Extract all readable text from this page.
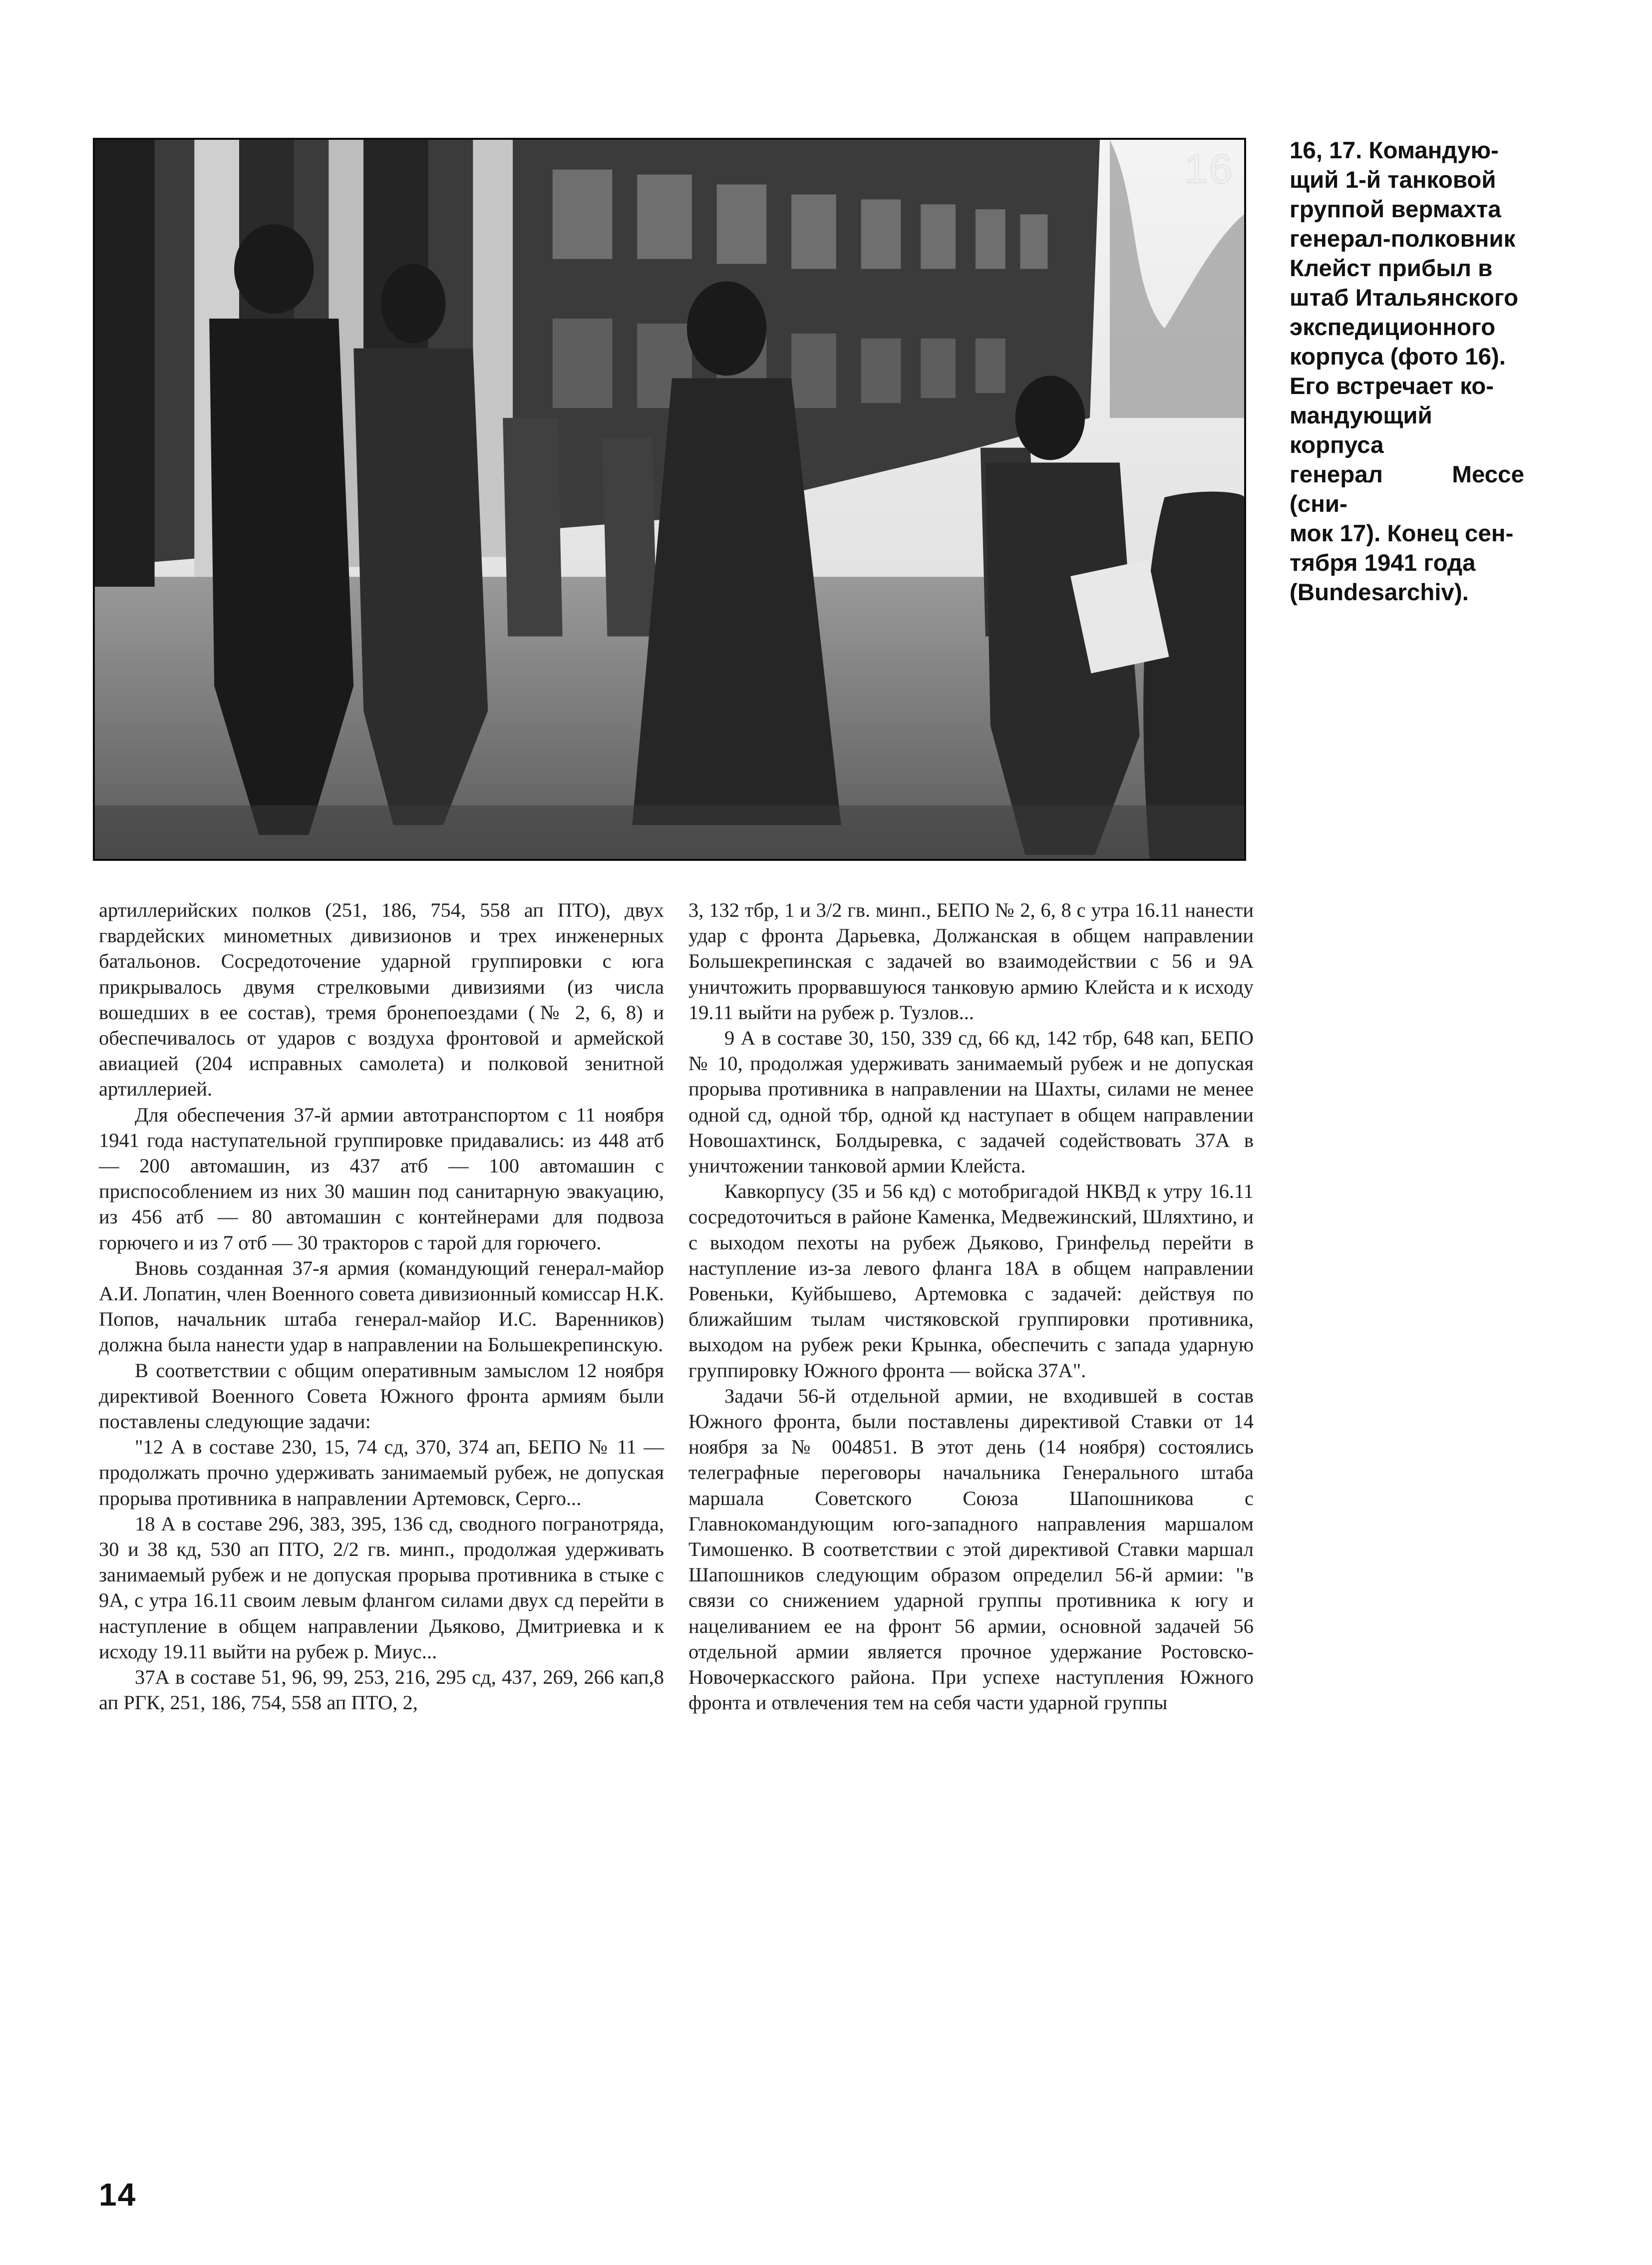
16 16, 17. Командую-
щий 1-й танковой
группой вермахта
генерал-полковник
Клейст прибыл в
штаб Итальянского
экспедиционного
корпуса (фото 16).
Его встречает ко-
мандующий корпуса
генерал Мессе (сни-
мок 17). Конец сен-
тября 1941 года
(Bundesarchiv).

артиллерийских полков (251, 186, 754, 558 ап ПТО), двух гвардейских минометных дивизионов и трех инженерных батальонов. Сосредоточение ударной группировки с юга прикрывалось двумя стрелковыми дивизиями (из числа вошедших в ее состав), тремя бронепоездами (№ 2, 6, 8) и обеспечивалось от ударов с воздуха фронтовой и армейской авиацией (204 исправных самолета) и полковой зенитной артиллерией.

Для обеспечения 37-й армии автотранспортом с 11 ноября 1941 года наступательной группировке придавались: из 448 атб — 200 автомашин, из 437 атб — 100 автомашин с приспособлением из них 30 машин под санитарную эвакуацию, из 456 атб — 80 автомашин с контейнерами для подвоза горючего и из 7 отб — 30 тракторов с тарой для горючего.

Вновь созданная 37-я армия (командующий генерал-майор А.И. Лопатин, член Военного совета дивизионный комиссар Н.К. Попов, начальник штаба генерал-майор И.С. Варенников) должна была нанести удар в направлении на Большекрепинскую.

В соответствии с общим оперативным замыслом 12 ноября директивой Военного Совета Южного фронта армиям были поставлены следующие задачи:

"12 А в составе 230, 15, 74 сд, 370, 374 ап, БЕПО № 11 — продолжать прочно удерживать занимаемый рубеж, не допуская прорыва противника в направлении Артемовск, Серго...

18 А в составе 296, 383, 395, 136 сд, сводного погранотряда, 30 и 38 кд, 530 ап ПТО, 2/2 гв. минп., продолжая удерживать занимаемый рубеж и не допуская прорыва противника в стыке с 9А, с утра 16.11 своим левым флангом силами двух сд перейти в наступление в общем направлении Дьяково, Дмитриевка и к исходу 19.11 выйти на рубеж р. Миус...

37А в составе 51, 96, 99, 253, 216, 295 сд, 437, 269, 266 кап,8 ап РГК, 251, 186, 754, 558 ап ПТО, 2,

3, 132 тбр, 1 и 3/2 гв. минп., БЕПО № 2, 6, 8 с утра 16.11 нанести удар с фронта Дарьевка, Должанская в общем направлении Большекрепинская с задачей во взаимодействии с 56 и 9А уничтожить прорвавшуюся танковую армию Клейста и к исходу 19.11 выйти на рубеж р. Тузлов...

9 А в составе 30, 150, 339 сд, 66 кд, 142 тбр, 648 кап, БЕПО № 10, продолжая удерживать занимаемый рубеж и не допуская прорыва противника в направлении на Шахты, силами не менее одной сд, одной тбр, одной кд наступает в общем направлении Новошахтинск, Болдыревка, с задачей содействовать 37А в уничтожении танковой армии Клейста.

Кавкорпусу (35 и 56 кд) с мотобригадой НКВД к утру 16.11 сосредоточиться в районе Каменка, Медвежинский, Шляхтино, и с выходом пехоты на рубеж Дьяково, Гринфельд перейти в наступление из-за левого фланга 18А в общем направлении Ровеньки, Куйбышево, Артемовка с задачей: действуя по ближайшим тылам чистяковской группировки противника, выходом на рубеж реки Крынка, обеспечить с запада ударную группировку Южного фронта — войска 37А".

Задачи 56-й отдельной армии, не входившей в состав Южного фронта, были поставлены директивой Ставки от 14 ноября за № 004851. В этот день (14 ноября) состоялись телеграфные переговоры начальника Генерального штаба маршала Советского Союза Шапошникова с Главнокомандующим юго-западного направления маршалом Тимошенко. В соответствии с этой директивой Ставки маршал Шапошников следующим образом определил 56-й армии: "в связи со снижением ударной группы противника к югу и нацеливанием ее на фронт 56 армии, основной задачей 56 отдельной армии является прочное удержание Ростовско-Новочеркасского района. При успехе наступления Южного фронта и отвлечения тем на себя части ударной группы

14
